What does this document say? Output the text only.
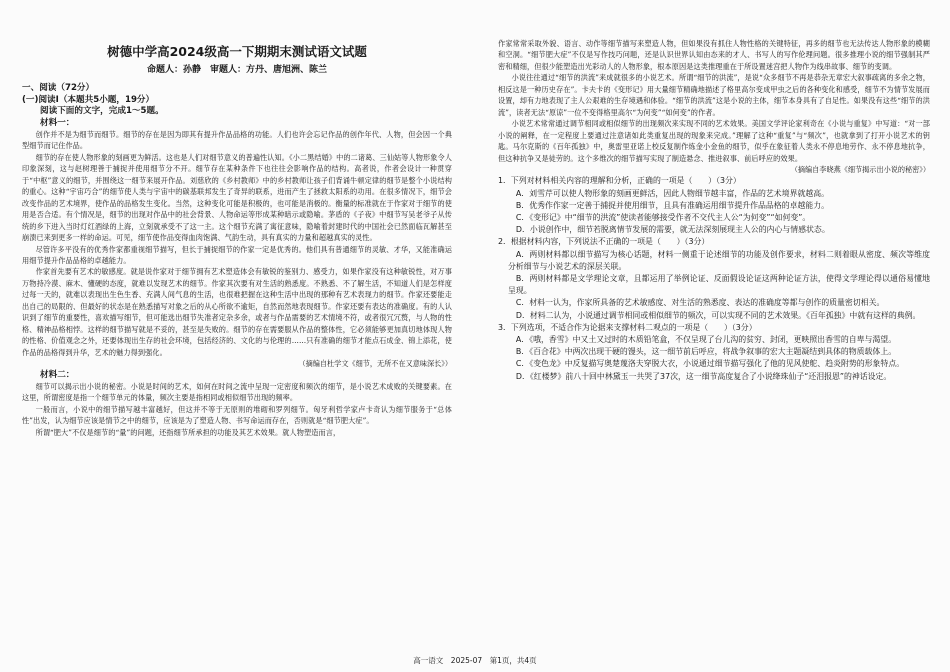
树德中学高2024级高一下期期末测试语文试题

命题人：孙静　审题人：方丹、唐旭洲、陈兰

一、阅读（72分）

(一)阅读Ⅰ（本题共5小题，19分）

阅读下面的文字，完成1～5题。

材料一：

创作并不是为细节而细节。细节的存在是因为即其有提升作品品格的功能。人们也许会忘记作品的创作年代、人物，但会因一个典型细节而记住作品。

细节的存在使人物形象的刻画更为鲜活。这也是人们对细节意义的普遍性认知。《小二黑结婚》中的二诸葛、三仙姑等人物形象令人印象深刻，这与赵树理善于捕捉并使用细节分不开。细节存在某种条件下也往往会影响作品的结构。高者说，作者会设计一种贯穿于“中枢”意义的细节，并围绕这一细节来展开作品。刘慈欣的《乡村教师》中的乡村教师让孩子们背诵牛顿定律的细节是整个小说结构的重心。这种“宇宙巧合”的细节使人类与宇宙中的碳基联邦发生了奇异的联系，进而产生了拯救太阳系的功用。在很多情况下，细节会改变作品的艺术境界，使作品的品格发生变化。当然，这种变化可能是积极的，也可能是消极的。衡量的标准就在于作家对于细节的使用是否合适。有个情况是，细节的出现对作品中的社会背景、人物命运等形成某种暗示或隐喻。茅盾的《子夜》中细节写吴老爷子从传统的乡下进入当时灯红酒绿的上海，立刻就承受不了这一主。这个细节充满了寓征意味，隐喻着封建时代的中国社会已然面临瓦解甚至崩溃已来到更多一样的命运。可见，细节使作品变得血肉饱满、气韵生动，具有真实的力量和超越真实的灵性。

尽管许多平没有的优秀作家都重视细节描写，但长于捕捉细节的作家一定是优秀的。他们具有普通细节的灵敏、才华，又能准确运用细节提升作品品格的卓越能力。

作家首先要有艺术的敏感度。就是说作家对于细节拥有艺术塑造体会有敏锐的鉴别力、感受力，如果作家没有这种敏锐性，对万事万物持冷漠、麻木、懂硬的态度，就难以发现艺术的细节。作家其次要有对生活的熟悉度。不熟悉、不了解生活，不知道人们是怎样度过每一天的，就难以表现出生色生香、充满人间气息的生活，也很难把握在这种生活中出现的那种有艺术表现力的细节。作家还要能走出自己的局限的、但最好的状态是在熟悉描写对象之后的从心所欲不逾矩，自然而然地表现细节。作家还要有表达的准确度。有的人认识到了细节的重要性，喜欢描写细节，但可能选出细节失准者定杂多余，或者与作品需要的艺术情境不符，或者很冗冗赘，与人物的性格、精神品格相悖。这样的细节描写就是不妥的，甚至是失败的。细节的存在需要服从作品的整体性，它必须能够更加真切地体现人物的性格、价值观念之外，还要体现出生存的社会环境，包括经济的、文化的与伦理的……只有准确的细节才能点石成金、锦上添花，使作品的品格得到升华，艺术的魅力得到强化。

（摘编自杜学文《细节，无所不在又意味深长》）

材料二：

细节可以揭示出小说的秘密。小说是时间的艺术，如何在时间之流中呈现一定密度和频次的细节，是小说艺术成败的关键要素。在这里，所谓密度是指一个细节单元的体量，频次主要是指相同或相似细节出现的频率。

一般而言，小说中的细节描写越丰富越好，但这并不等于无原则的堆砌和罗列细节。匈牙利哲学家卢卡奇认为细节服务于“总体性”出发，认为细节应该是情节之中的细节，应该是为了塑造人物、书写命运而存在，否则就是“细节肥大症”。

所谓“肥大”不仅是细节的“量”的问题，还指细节所承担的功能及其艺术效果。就人物塑造而言，

作家常常采取外貌、语言、动作等细节描写来塑造人物，但如果没有抓住人物性格的关键特征，再多的细节也无法传达人物形象的模糊和空洞。“细节肥大症”不仅是写作技巧问题，还是认识世界认知由态来的才人、书写人的写作伦理问题。很多推理小说的细节强制其严密和精细，但很少能塑造出光彩动人的人物形象，根本原因是这类推理重在于所设置迷宫把人物作为线串故事、细节的变调。

小说往往通过“细节的洪流”来成就很多的小说艺术。所谓“细节的洪流”，是说“众多细节不再是恭杂无章宏大叙事疏离的多余之物，相反这是一种历史存在”。卡夫卡的《变形记》用大量细节精确地描述了格里高尔变成甲虫之后的各种变化和感受，细节不为情节发展而设置，却有力地表现了主人公艰难的生存境遇和体验。“细节的洪流”这是小说的主体，细节本身具有了自足性。如果没有这些“细节的洪流”，读者无法“原谅”一位不变得格里高尔“为何变”“如何变”的作者。

小说艺术常常通过调节相同或相似细节的出现频次来实现不同的艺术效果。美国文学评论家利奇在《小说与重复》中写道：“对一部小说的阐释，在一定程度上要通过注意诸如此类重复出现的现象来完成。”理解了这种“重复”与“频次”，也就拿到了打开小说艺术的钥匙。马尔克斯的《百年孤独》中，奥雷里亚诺上校反复制作炼金小金鱼的细节，似乎在象征着人类永不停息地劳作、永不停息地抗争，但这种抗争又是徒劳的。这个多维次的细节描写实现了制造悬念、推进叙事、前后呼应的效果。

（摘编自李晓燕《细节揭示出小说的秘密》）

1．下列对材料相关内容的理解和分析，正确的一项是（　　）（3分）

A．刘雪芹可以使人物形象的刻画更鲜活，因此人物细节越丰富，作品的艺术境界就越高。

B．优秀作作家一定善于捕捉并使用细节，且具有准确运用细节提升作品品格的卓越能力。

C．《变形记》中“细节的洪流”使读者能够接受作者不交代主人公“为何变”“如何变”。

D．小说创作中，细节若脱离情节发展的需要，就无法深刻展现主人公的内心与情感状态。

2．根据材料内容，下列说法不正确的一项是（　　）（3分）

A．两则材料都以细节描写为核心话题，材料一侧重于论述细节的功能及创作要求，材料二则着眼从密度、频次等维度分析细节与小说艺术的深层关联。

B．两则材料都是文学理论文章，且都运用了举例论证、反面假设论证这两种论证方法，使得文学理论得以通俗易懂地呈现。

C．材料一认为，作家所具备的艺术敏感度、对生活的熟悉度、表达的准确度等都与创作的质量密切相关。

D．材料二认为，小说通过调节相同或相似细节的频次，可以实现不同的艺术效果。《百年孤独》中就有这样的典例。

3．下列选项，不适合作为论据来支撑材料二观点的一项是（　　）（3分）

A．《哦，香雪》中又土又过时的木质铅笔盒，不仅呈现了台儿沟的贫穷、封闭，更映照出香雪的自卑与渴望。

B．《百合花》中两次出现干硬的馒头，这一细节前后呼应，将战争叙事的宏大主题凝结到具体的物质载体上。

C．《变色龙》中反复描写奥楚蔑洛夫穿脱大衣，小说通过细节描写强化了他的见风使舵、趋炎附势的形象特点。

D．《红楼梦》前八十回中林黛玉一共哭了37次，这一细节高度复合了小说绛珠仙子“还泪报恩”的神话设定。

高一语文　2025-07　第1页，共4页
